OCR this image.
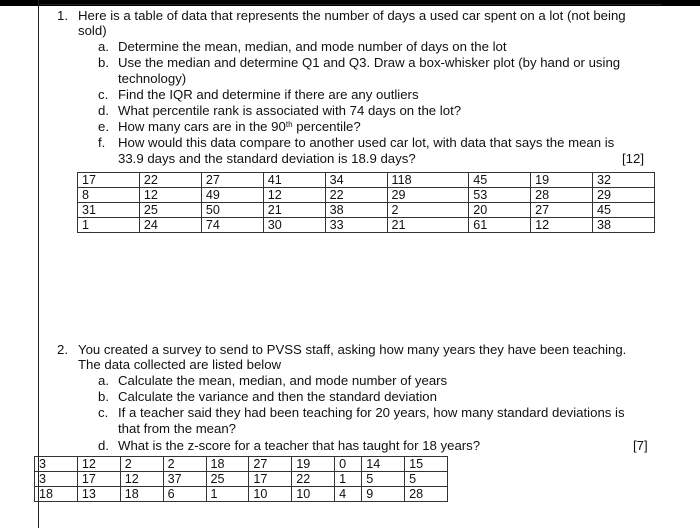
1. Here is a table of data that represents the number of days a used car spent on a lot (not being
sold)
a. Determine the mean, median, and mode number of days on the lot
b. Use the median and determine Q1 and Q3. Draw a box-whisker plot (by hand or using
technology)
c. Find the IQR and determine if there are any outliers
d. What percentile rank is associated with 74 days on the lot?
e. How many cars are in the 90th percentile?
f. How would this data compare to another used car lot, with data that says the mean is
33.9 days and the standard deviation is 18.9 days?	[12]
17	22	27	41	34	118	45	19	32
8	12	49	12	22	29	53	28	29
31	25	50	21	38	2	20	27	45
1	24	74	30	33	21	61	12	38
2. You created a survey to send to PVSS staff, asking how many years they have been teaching.
The data collected are listed below
a. Calculate the mean, median, and mode number of years
b. Calculate the variance and then the standard deviation
c. If a teacher said they had been teaching for 20 years, how many standard deviations is
that from the mean?
d. What is the z-score for a teacher that has taught for 18 years?	[7]
3	12	2	2	18	27	19	0	14	15
3	17	12	37	25	17	22	1	5	5
18	13	18	6	1	10	10	4	9	28
